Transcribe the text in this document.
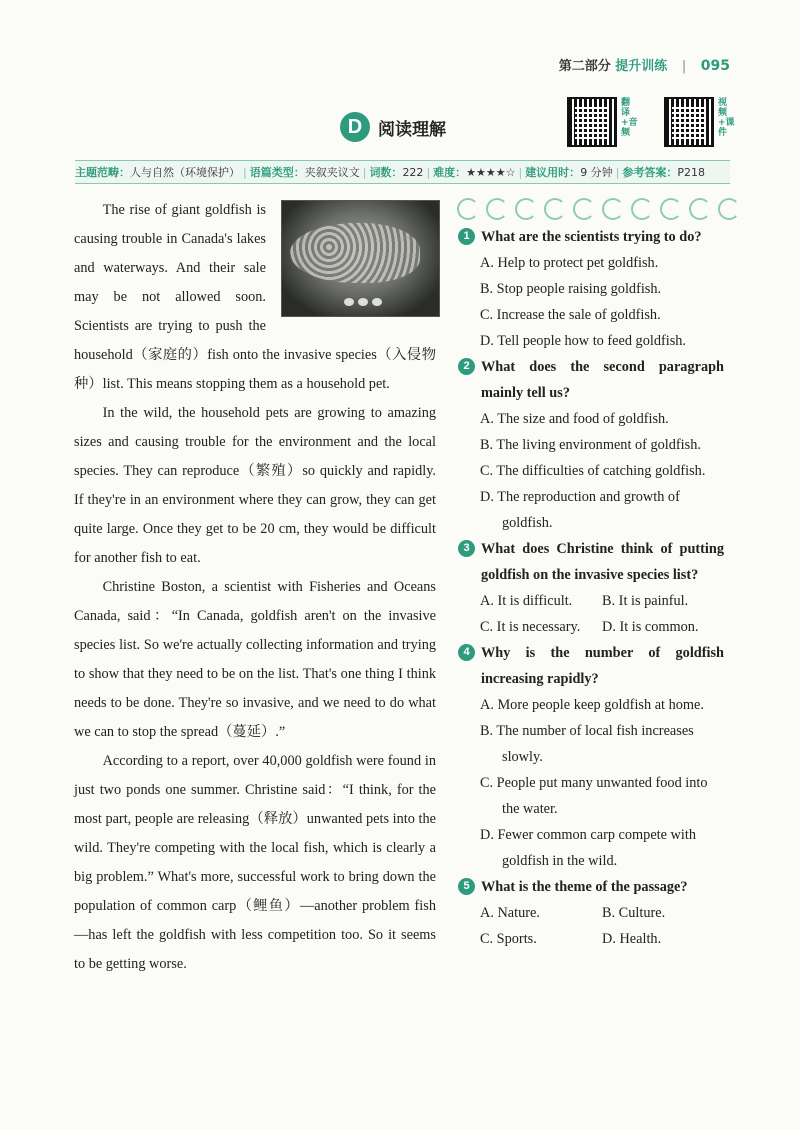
第二部分 提升训练 | 095
D 阅读理解
翻译+音频
视频+课件
主题范畴： 人与自然（环境保护） | 语篇类型： 夹叙夹议文 | 词数： 222 | 难度： ★★★★☆ | 建议用时： 9 分钟 | 参考答案： P218

The rise of giant goldfish is causing trouble in Canada's lakes and waterways. And their sale may be not allowed soon. Scientists are trying to push the household（家庭的）fish onto the invasive species（入侵物种）list. This means stopping them as a household pet.

In the wild, the household pets are growing to amazing sizes and causing trouble for the environment and the local species. They can reproduce（繁殖）so quickly and rapidly. If they're in an environment where they can grow, they can get quite large. Once they get to be 20 cm, they would be difficult for another fish to eat.

Christine Boston, a scientist with Fisheries and Oceans Canada, said：“In Canada, goldfish aren't on the invasive species list. So we're actually collecting information and trying to show that they need to be on the list. That's one thing I think needs to be done. They're so invasive, and we need to do what we can to stop the spread（蔓延）.”

According to a report, over 40,000 goldfish were found in just two ponds one summer. Christine said：“I think, for the most part, people are releasing（释放）unwanted pets into the wild. They're competing with the local fish, which is clearly a big problem.” What's more, successful work to bring down the population of common carp（鲤鱼）—another problem fish—has left the goldfish with less competition too. So it seems to be getting worse.

1 What are the scientists trying to do?
A. Help to protect pet goldfish.
B. Stop people raising goldfish.
C. Increase the sale of goldfish.
D. Tell people how to feed goldfish.
2 What does the second paragraph mainly tell us?
A. The size and food of goldfish.
B. The living environment of goldfish.
C. The difficulties of catching goldfish.
D. The reproduction and growth of goldfish.
3 What does Christine think of putting goldfish on the invasive species list?
A. It is difficult.	B. It is painful.
C. It is necessary.	D. It is common.
4 Why is the number of goldfish increasing rapidly?
A. More people keep goldfish at home.
B. The number of local fish increases slowly.
C. People put many unwanted food into the water.
D. Fewer common carp compete with goldfish in the wild.
5 What is the theme of the passage?
A. Nature.	B. Culture.
C. Sports.	D. Health.
